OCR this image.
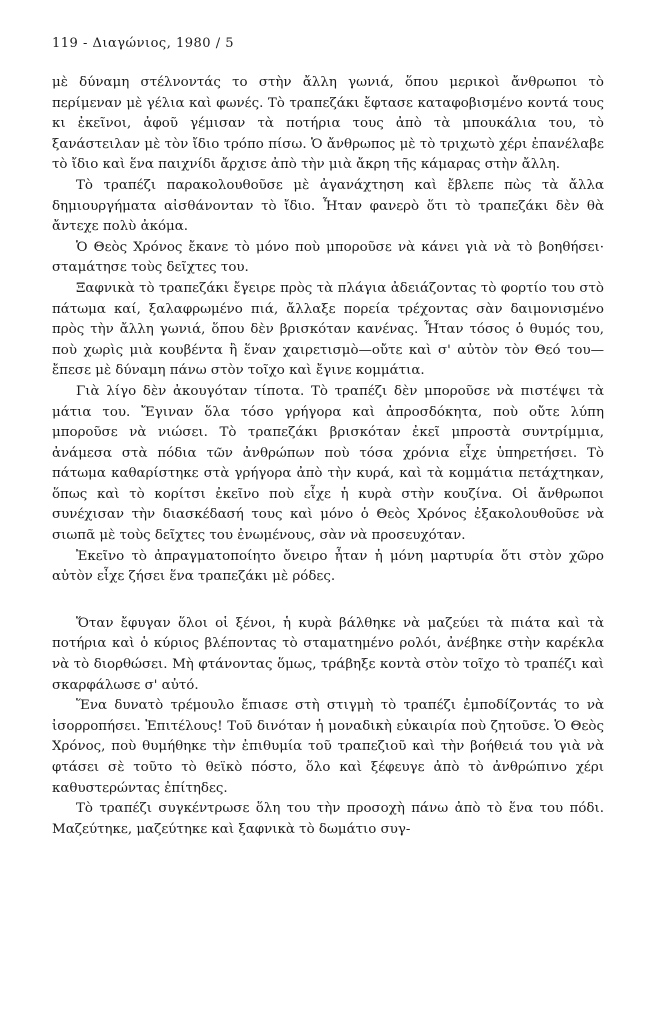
119 - Διαγώνιος, 1980 / 5

μὲ δύναμη στέλνοντάς το στὴν ἄλλη γωνιά, ὅπου μερικοὶ ἄνθρωποι τὸ περίμεναν μὲ γέλια καὶ φωνές. Τὸ τραπεζάκι ἔφτασε καταφοβισμένο κοντά τους κι ἐκεῖνοι, ἀφοῦ γέμισαν τὰ ποτήρια τους ἀπὸ τὰ μπουκάλια του, τὸ ξανάστειλαν μὲ τὸν ἴδιο τρόπο πίσω. Ὁ ἄνθρωπος μὲ τὸ τριχωτὸ χέρι ἐπανέλαβε τὸ ἴδιο καὶ ἕνα παιχνίδι ἄρχισε ἀπὸ τὴν μιὰ ἄκρη τῆς κάμαρας στὴν ἄλλη.

Τὸ τραπέζι παρακολουθοῦσε μὲ ἀγανάχτηση καὶ ἔβλεπε πὼς τὰ ἄλλα δημιουργήματα αἰσθάνονταν τὸ ἴδιο. Ἦταν φανερὸ ὅτι τὸ τραπεζάκι δὲν θὰ ἄντεχε πολὺ ἀκόμα.

Ὁ Θεὸς Χρόνος ἔκανε τὸ μόνο ποὺ μποροῦσε νὰ κάνει γιὰ νὰ τὸ βοηθήσει· σταμάτησε τοὺς δεῖχτες του.

Ξαφνικὰ τὸ τραπεζάκι ἔγειρε πρὸς τὰ πλάγια ἀδειάζοντας τὸ φορτίο του στὸ πάτωμα καί, ξαλαφρωμένο πιά, ἄλλαξε πορεία τρέχοντας σὰν δαιμονισμένο πρὸς τὴν ἄλλη γωνιά, ὅπου δὲν βρισκόταν κανένας. Ἦταν τόσος ὁ θυμός του, ποὺ χωρὶς μιὰ κουβέντα ἢ ἕναν χαιρετισμὸ—οὔτε καὶ σ' αὐτὸν τὸν Θεό του—ἔπεσε μὲ δύναμη πάνω στὸν τοῖχο καὶ ἔγινε κομμάτια.

Γιὰ λίγο δὲν ἀκουγόταν τίποτα. Τὸ τραπέζι δὲν μποροῦσε νὰ πιστέψει τὰ μάτια του. Ἔγιναν ὅλα τόσο γρήγορα καὶ ἀπροσδόκητα, ποὺ οὔτε λύπη μποροῦσε νὰ νιώσει. Τὸ τραπεζάκι βρισκόταν ἐκεῖ μπροστὰ συντρίμμια, ἀνάμεσα στὰ πόδια τῶν ἀνθρώπων ποὺ τόσα χρόνια εἶχε ὑπηρετήσει. Τὸ πάτωμα καθαρίστηκε στὰ γρήγορα ἀπὸ τὴν κυρά, καὶ τὰ κομμάτια πετάχτηκαν, ὅπως καὶ τὸ κορίτσι ἐκεῖνο ποὺ εἶχε ἡ κυρὰ στὴν κουζίνα. Οἱ ἄνθρωποι συνέχισαν τὴν διασκέδασή τους καὶ μόνο ὁ Θεὸς Χρόνος ἐξακολουθοῦσε νὰ σιωπᾶ μὲ τοὺς δεῖχτες του ἐνωμένους, σὰν νὰ προσευχόταν.

Ἐκεῖνο τὸ ἀπραγματοποίητο ὄνειρο ἦταν ἡ μόνη μαρτυρία ὅτι στὸν χῶρο αὐτὸν εἶχε ζήσει ἕνα τραπεζάκι μὲ ρόδες.

Ὅταν ἔφυγαν ὅλοι οἱ ξένοι, ἡ κυρὰ βάλθηκε νὰ μαζεύει τὰ πιάτα καὶ τὰ ποτήρια καὶ ὁ κύριος βλέποντας τὸ σταματημένο ρολόι, ἀνέβηκε στὴν καρέκλα νὰ τὸ διορθώσει. Μὴ φτάνοντας ὅμως, τράβηξε κοντὰ στὸν τοῖχο τὸ τραπέζι καὶ σκαρφάλωσε σ' αὐτό.

Ἕνα δυνατὸ τρέμουλο ἔπιασε στὴ στιγμὴ τὸ τραπέζι ἐμποδίζοντάς το νὰ ἰσορροπήσει. Ἐπιτέλους! Τοῦ δινόταν ἡ μοναδικὴ εὐκαιρία ποὺ ζητοῦσε. Ὁ Θεὸς Χρόνος, ποὺ θυμήθηκε τὴν ἐπιθυμία τοῦ τραπεζιοῦ καὶ τὴν βοήθειά του γιὰ νὰ φτάσει σὲ τοῦτο τὸ θεϊκὸ πόστο, ὅλο καὶ ξέφευγε ἀπὸ τὸ ἀνθρώπινο χέρι καθυστερώντας ἐπίτηδες.

Τὸ τραπέζι συγκέντρωσε ὅλη του τὴν προσοχὴ πάνω ἀπὸ τὸ ἕνα του πόδι. Μαζεύτηκε, μαζεύτηκε καὶ ξαφνικὰ τὸ δωμάτιο συγ-
